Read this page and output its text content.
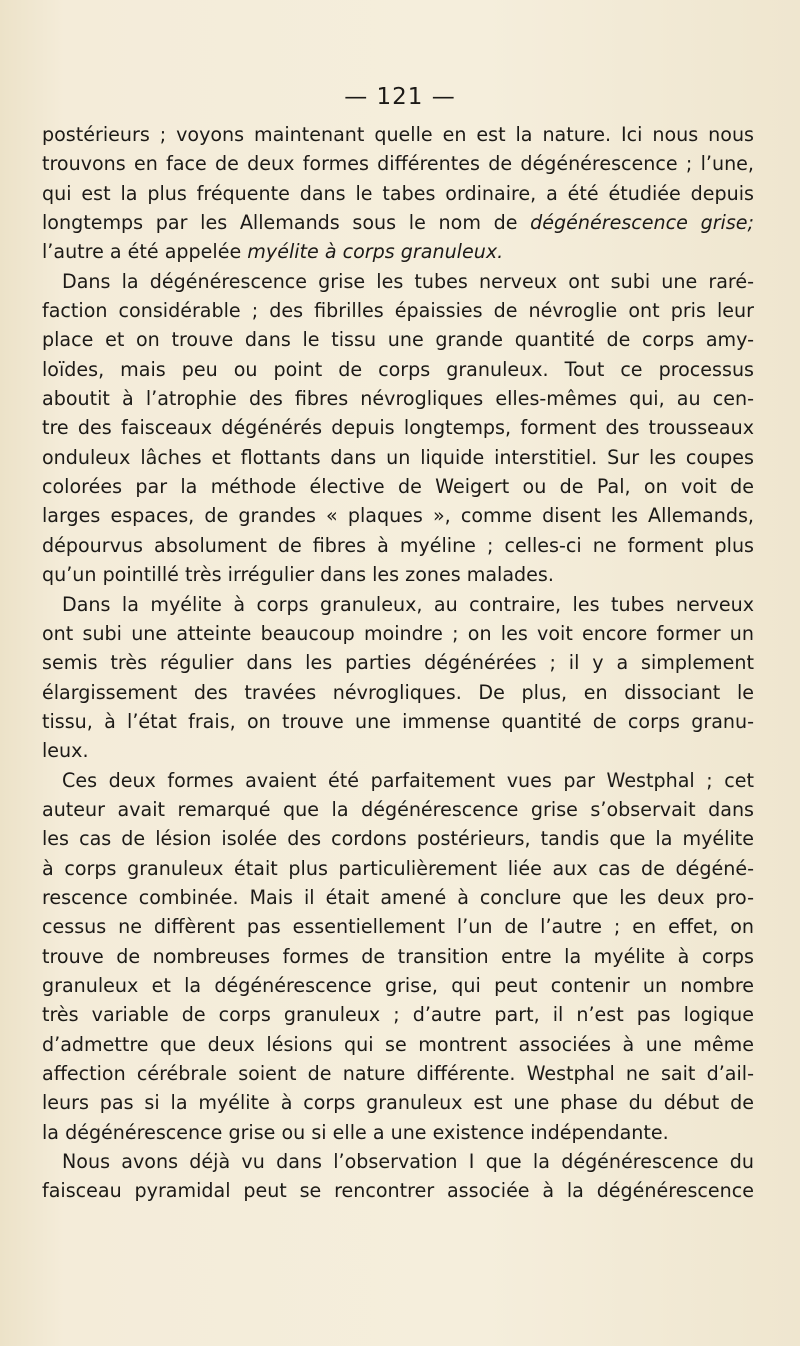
— 121 —
postérieurs ; voyons maintenant quelle en est la nature. Ici nous nous
trouvons en face de deux formes différentes de dégénérescence ; l’une,
qui est la plus fréquente dans le tabes ordinaire, a été étudiée depuis
longtemps par les Allemands sous le nom de dégénérescence grise;
l’autre a été appelée myélite à corps granuleux.
Dans la dégénérescence grise les tubes nerveux ont subi une raré-
faction considérable ; des fibrilles épaissies de névroglie ont pris leur
place et on trouve dans le tissu une grande quantité de corps amy-
loïdes, mais peu ou point de corps granuleux. Tout ce processus
aboutit à l’atrophie des fibres névrogliques elles-mêmes qui, au cen-
tre des faisceaux dégénérés depuis longtemps, forment des trousseaux
onduleux lâches et flottants dans un liquide interstitiel. Sur les coupes
colorées par la méthode élective de Weigert ou de Pal, on voit de
larges espaces, de grandes « plaques », comme disent les Allemands,
dépourvus absolument de fibres à myéline ; celles-ci ne forment plus
qu’un pointillé très irrégulier dans les zones malades.
Dans la myélite à corps granuleux, au contraire, les tubes nerveux
ont subi une atteinte beaucoup moindre ; on les voit encore former un
semis très régulier dans les parties dégénérées ; il y a simplement
élargissement des travées névrogliques. De plus, en dissociant le
tissu, à l’état frais, on trouve une immense quantité de corps granu-
leux.
Ces deux formes avaient été parfaitement vues par Westphal ; cet
auteur avait remarqué que la dégénérescence grise s’observait dans
les cas de lésion isolée des cordons postérieurs, tandis que la myélite
à corps granuleux était plus particulièrement liée aux cas de dégéné-
rescence combinée. Mais il était amené à conclure que les deux pro-
cessus ne diffèrent pas essentiellement l’un de l’autre ; en effet, on
trouve de nombreuses formes de transition entre la myélite à corps
granuleux et la dégénérescence grise, qui peut contenir un nombre
très variable de corps granuleux ; d’autre part, il n’est pas logique
d’admettre que deux lésions qui se montrent associées à une même
affection cérébrale soient de nature différente. Westphal ne sait d’ail-
leurs pas si la myélite à corps granuleux est une phase du début de
la dégénérescence grise ou si elle a une existence indépendante.
Nous avons déjà vu dans l’observation I que la dégénérescence du
faisceau pyramidal peut se rencontrer associée à la dégénérescence
